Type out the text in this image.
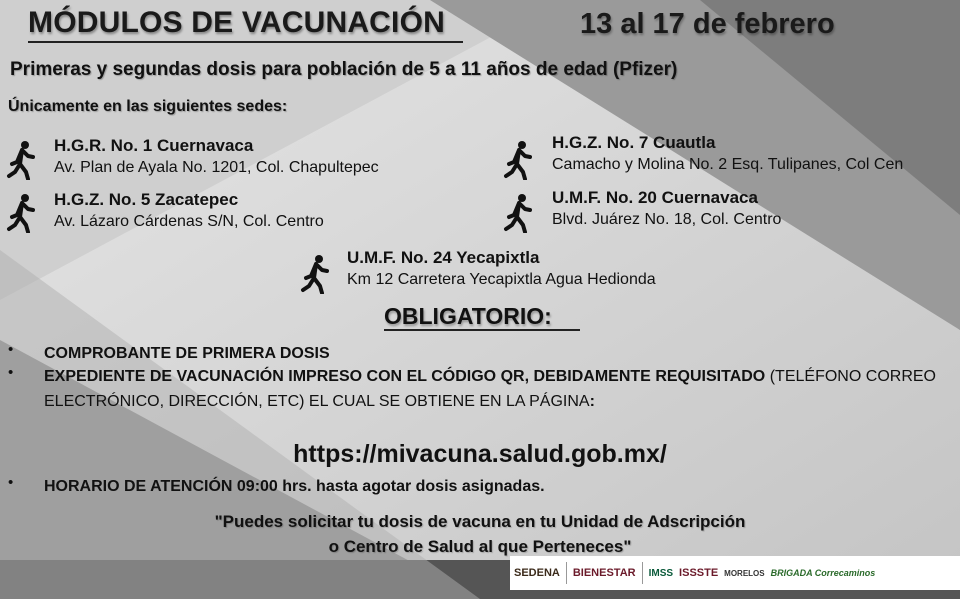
MÓDULOS DE VACUNACIÓN	13 al 17 de febrero
Primeras y segundas dosis para población de 5 a 11 años de edad (Pfizer)
Únicamente en las siguientes sedes:
H.G.R. No. 1 Cuernavaca
Av. Plan de Ayala No. 1201, Col. Chapultepec
H.G.Z. No. 5 Zacatepec
Av. Lázaro Cárdenas S/N, Col. Centro
H.G.Z. No. 7 Cuautla
Camacho y Molina No. 2 Esq. Tulipanes, Col Cen
U.M.F. No. 20 Cuernavaca
Blvd. Juárez No. 18, Col. Centro
U.M.F. No. 24 Yecapixtla
Km 12 Carretera Yecapixtla Agua Hedionda
OBLIGATORIO:
• COMPROBANTE DE PRIMERA DOSIS
• EXPEDIENTE DE VACUNACIÓN IMPRESO CON EL CÓDIGO QR, DEBIDAMENTE REQUISITADO (TELÉFONO CORREO ELECTRÓNICO, DIRECCIÓN, ETC) EL CUAL SE OBTIENE EN LA PÁGINA:
https://mivacuna.salud.gob.mx/
• HORARIO DE ATENCIÓN 09:00 hrs. hasta agotar dosis asignadas.
"Puedes solicitar tu dosis de vacuna en tu Unidad de Adscripción
o Centro de Salud al que Perteneces"
SEDENA BIENESTAR IMSS ISSSTE MORELOS BRIGADA Correcaminos
